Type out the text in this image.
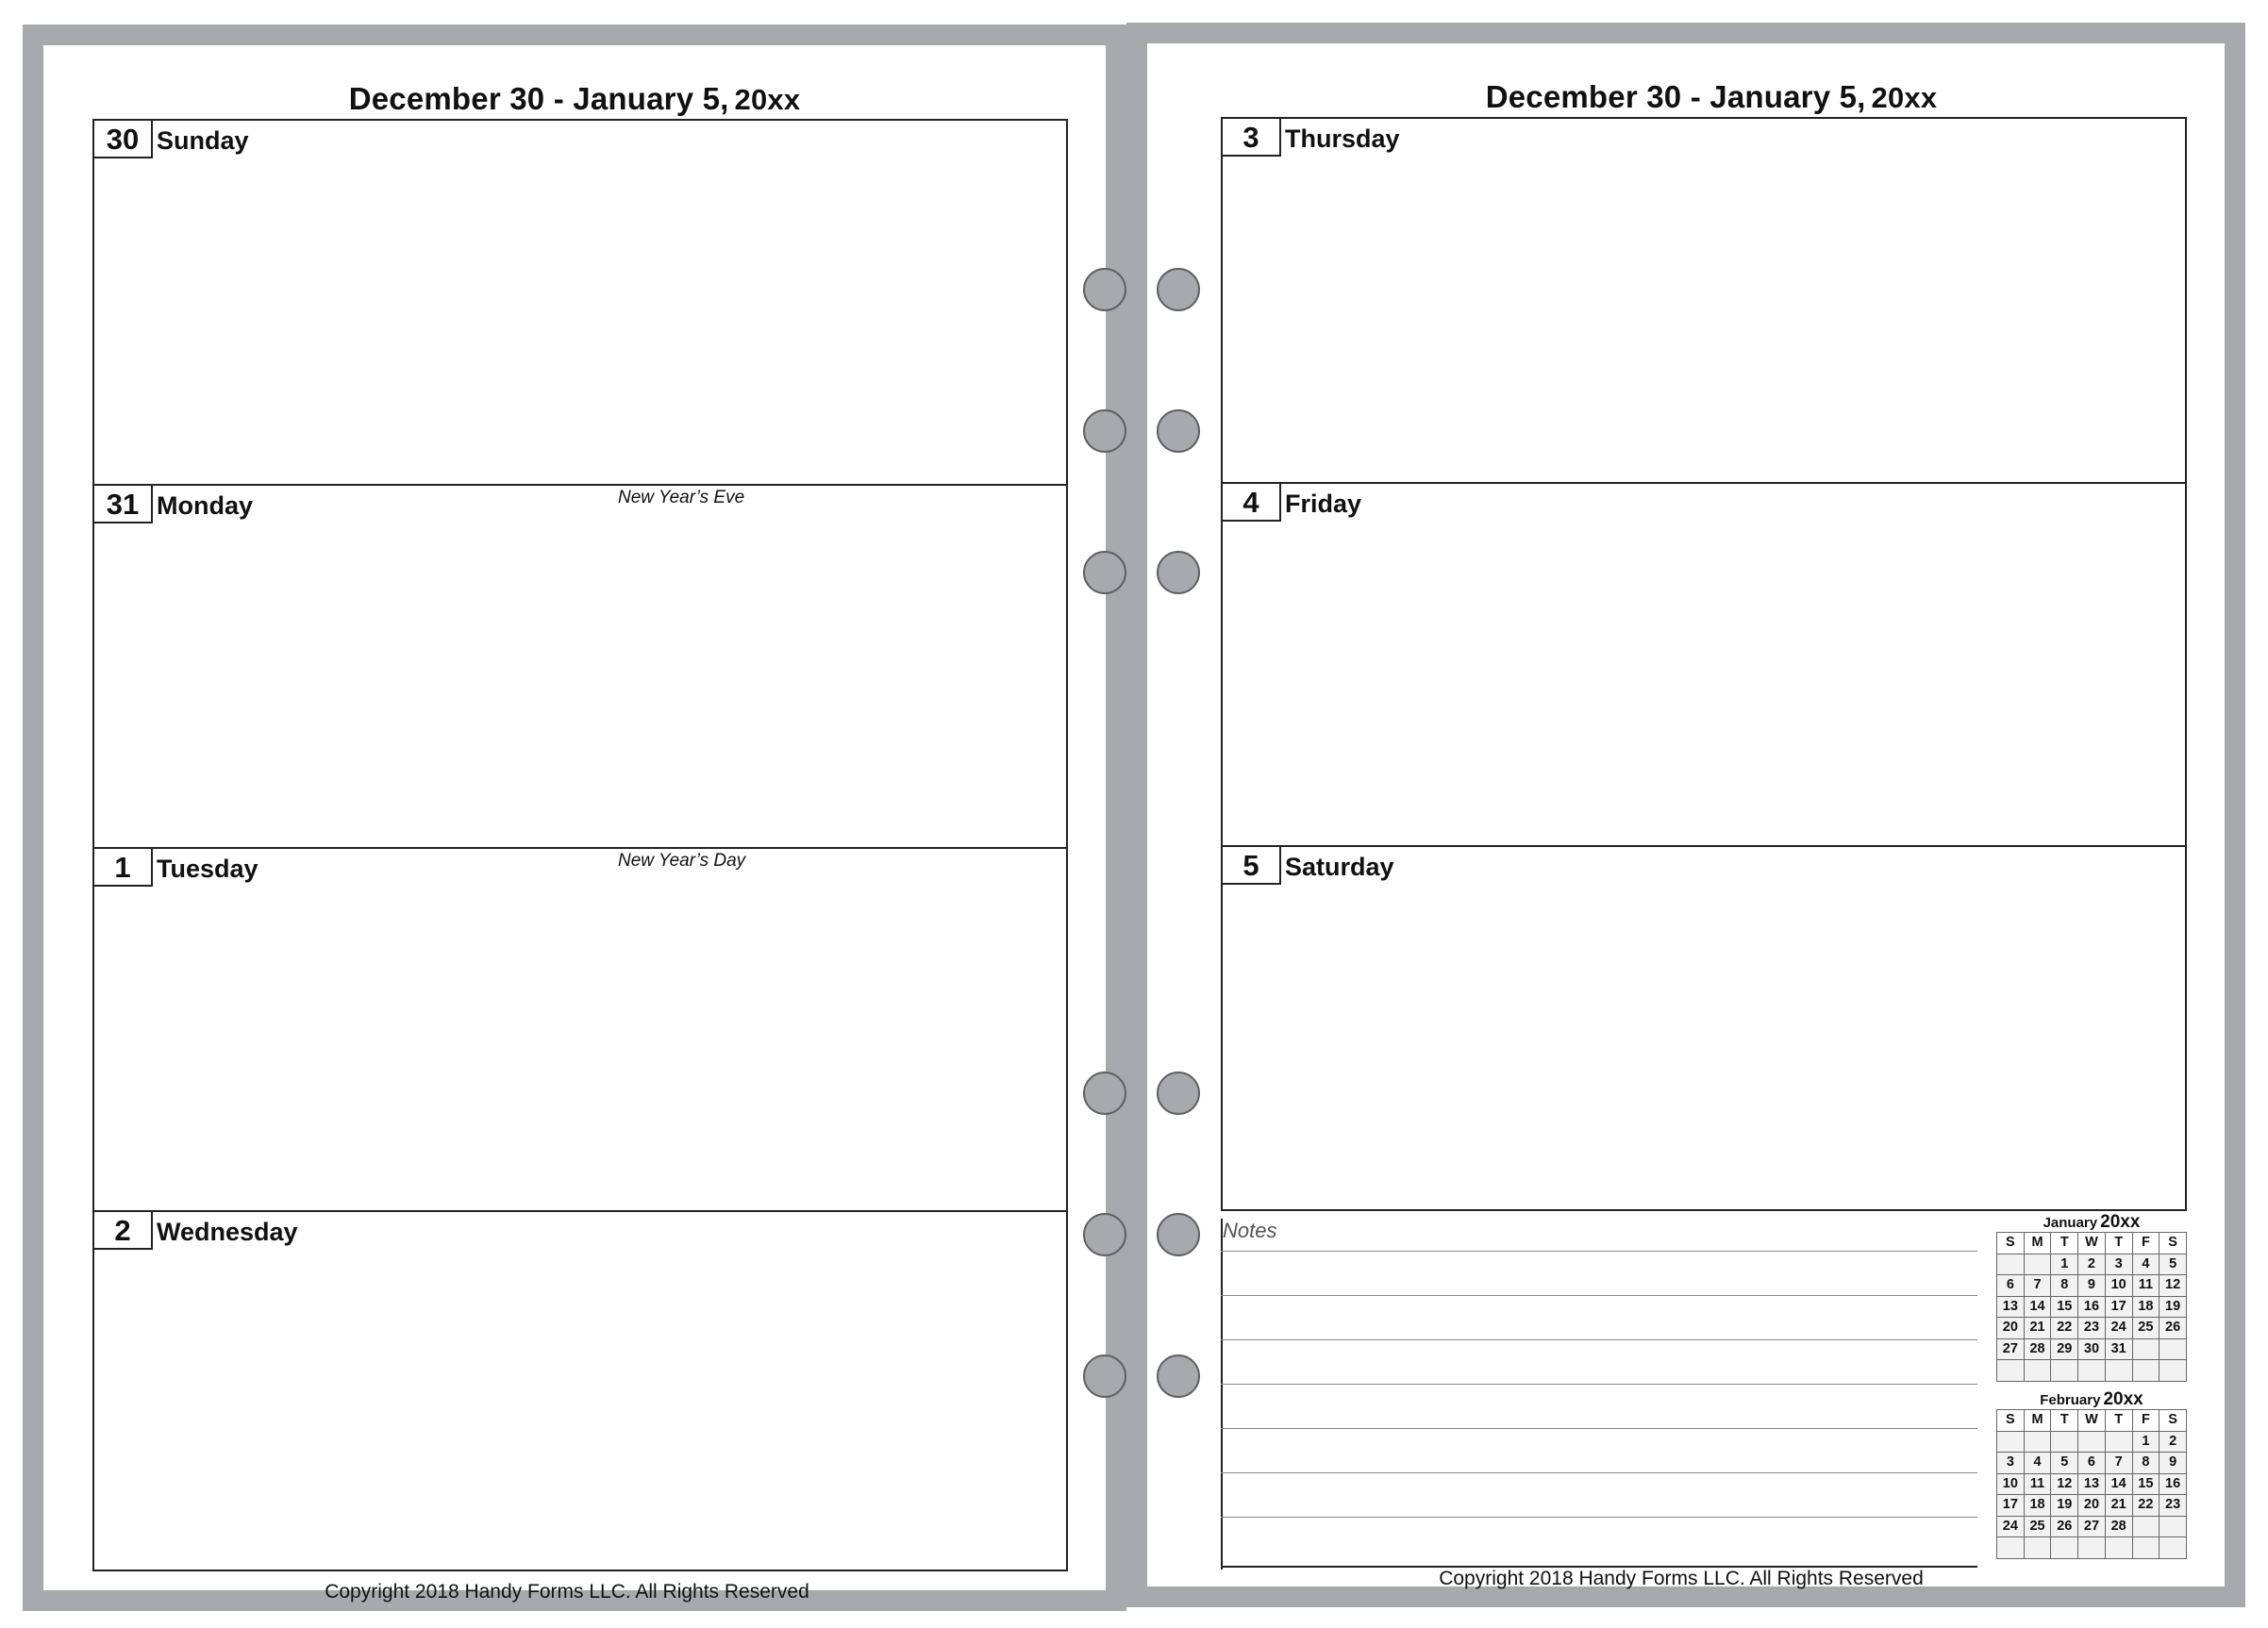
December 30 - January 5, 20xx
30 Sunday
31 Monday	New Year’s Eve
1	Tuesday	New Year’s Day
2	Wednesday
Copyright 2018 Handy Forms LLC. All Rights Reserved
December 30 - January 5, 20xx
3	Thursday
4	Friday
5	Saturday
Notes	January 20xx
S	M	T	W	T	F	S
		1	2	3	4	5
6	7	8	9	10	11	12
13	14	15	16	17	18	19
20	21	22	23	24	25	26
27	28	29	30	31		

February 20xx
S	M	T	W	T	F	S
					1	2
3	4	5	6	7	8	9
10	11	12	13	14	15	16
17	18	19	20	21	22	23
24	25	26	27	28		

Copyright 2018 Handy Forms LLC. All Rights Reserved
